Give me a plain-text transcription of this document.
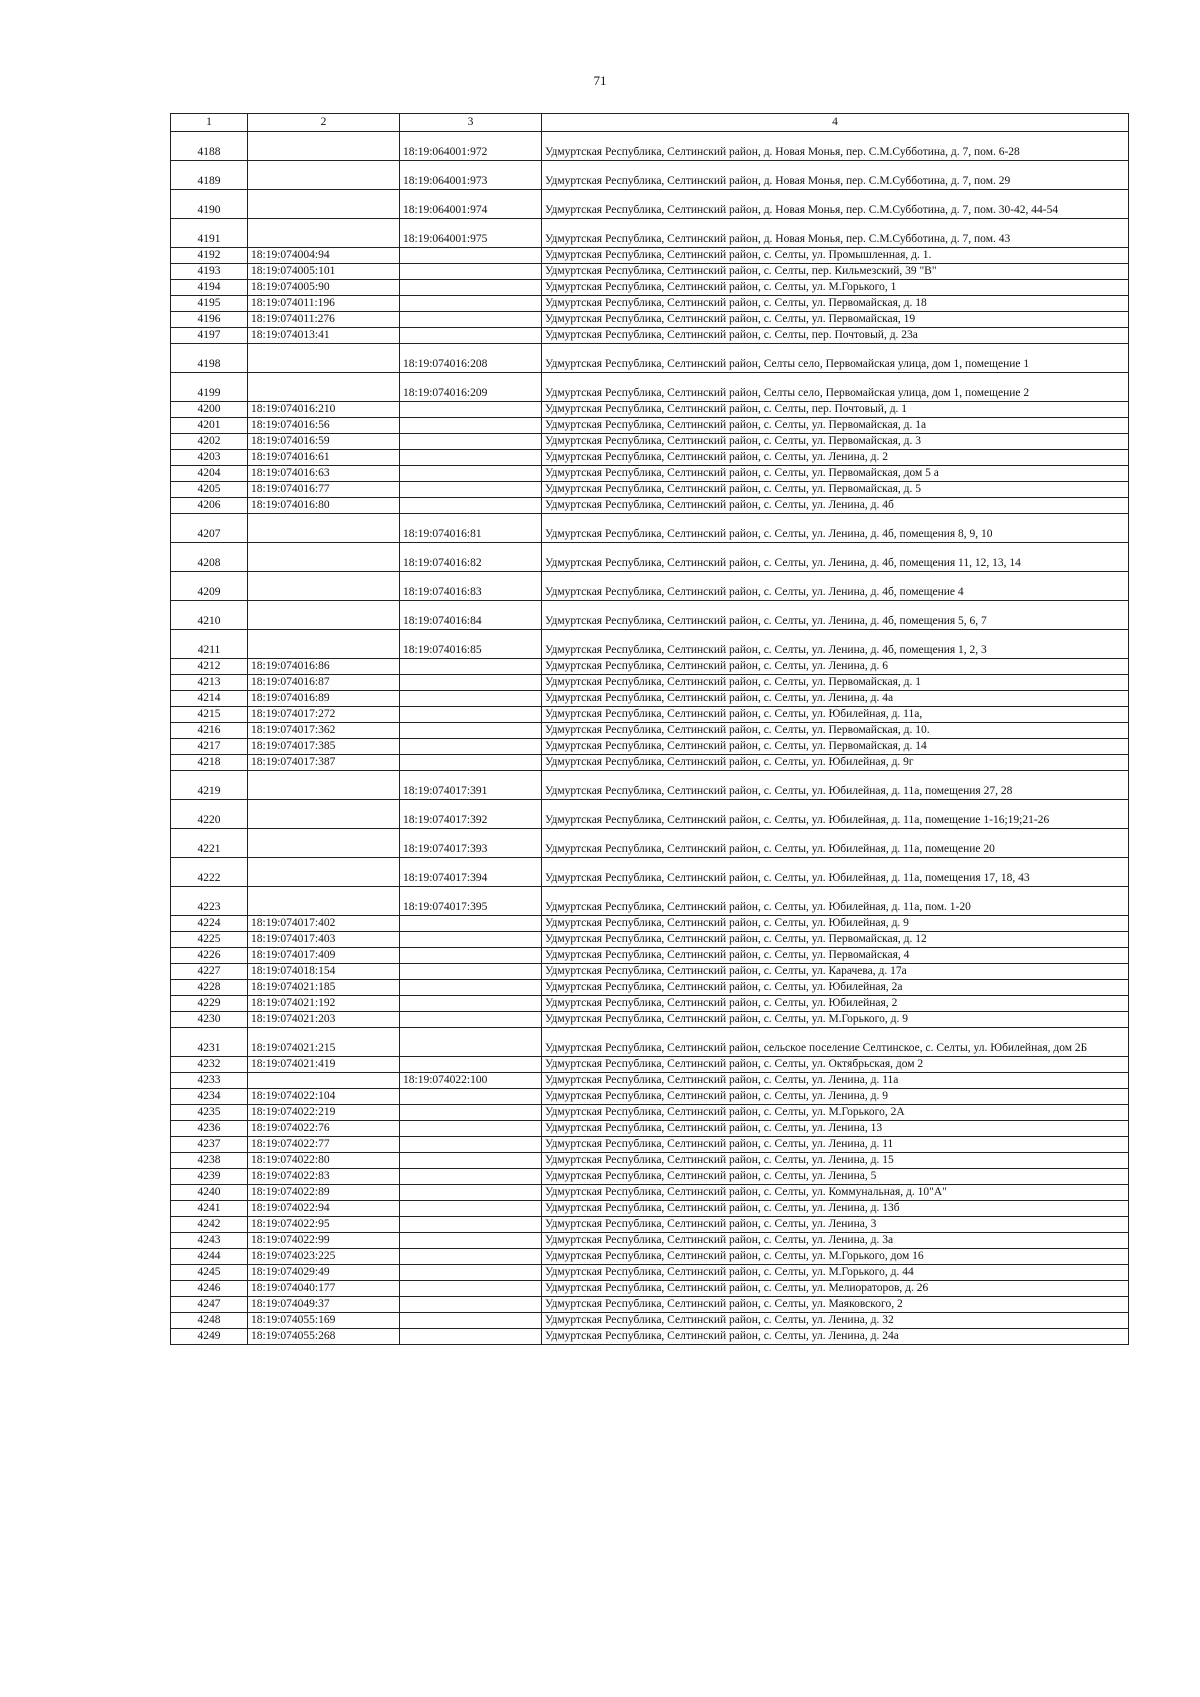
71
1	2	3	4
4188		18:19:064001:972	Удмуртская Республика, Селтинский район, д. Новая Монья, пер. С.М.Субботина, д. 7, пом. 6-28
4189		18:19:064001:973	Удмуртская Республика, Селтинский район, д. Новая Монья, пер. С.М.Субботина, д. 7, пом. 29
4190		18:19:064001:974	Удмуртская Республика, Селтинский район, д. Новая Монья, пер. С.М.Субботина, д. 7, пом. 30-42, 44-54
4191		18:19:064001:975	Удмуртская Республика, Селтинский район, д. Новая Монья, пер. С.М.Субботина, д. 7, пом. 43
4192	18:19:074004:94		Удмуртская Республика, Селтинский район, с. Селты, ул. Промышленная, д. 1.
4193	18:19:074005:101		Удмуртская Республика, Селтинский район, с. Селты, пер. Кильмезский, 39 "В"
4194	18:19:074005:90		Удмуртская Республика, Селтинский район, с. Селты, ул. М.Горького, 1
4195	18:19:074011:196		Удмуртская Республика, Селтинский район, с. Селты, ул. Первомайская, д. 18
4196	18:19:074011:276		Удмуртская Республика, Селтинский район, с. Селты, ул. Первомайская, 19
4197	18:19:074013:41		Удмуртская Республика, Селтинский район, с. Селты, пер. Почтовый, д. 23а
4198		18:19:074016:208	Удмуртская Республика, Селтинский район, Селты село, Первомайская улица, дом 1, помещение 1
4199		18:19:074016:209	Удмуртская Республика, Селтинский район, Селты село, Первомайская улица, дом 1, помещение 2
4200	18:19:074016:210		Удмуртская Республика, Селтинский район, с. Селты, пер. Почтовый, д. 1
4201	18:19:074016:56		Удмуртская Республика, Селтинский район, с. Селты, ул. Первомайская, д. 1а
4202	18:19:074016:59		Удмуртская Республика, Селтинский район, с. Селты, ул. Первомайская, д. 3
4203	18:19:074016:61		Удмуртская Республика, Селтинский район, с. Селты, ул. Ленина, д. 2
4204	18:19:074016:63		Удмуртская Республика, Селтинский район, с. Селты, ул. Первомайская, дом 5 а
4205	18:19:074016:77		Удмуртская Республика, Селтинский район, с. Селты, ул. Первомайская, д. 5
4206	18:19:074016:80		Удмуртская Республика, Селтинский район, с. Селты, ул. Ленина, д. 4б
4207		18:19:074016:81	Удмуртская Республика, Селтинский район, с. Селты, ул. Ленина, д. 4б, помещения 8, 9, 10
4208		18:19:074016:82	Удмуртская Республика, Селтинский район, с. Селты, ул. Ленина, д. 4б, помещения 11, 12, 13, 14
4209		18:19:074016:83	Удмуртская Республика, Селтинский район, с. Селты, ул. Ленина, д. 4б, помещение 4
4210		18:19:074016:84	Удмуртская Республика, Селтинский район, с. Селты, ул. Ленина, д. 4б, помещения 5, 6, 7
4211		18:19:074016:85	Удмуртская Республика, Селтинский район, с. Селты, ул. Ленина, д. 4б, помещения 1, 2, 3
4212	18:19:074016:86		Удмуртская Республика, Селтинский район, с. Селты, ул. Ленина, д. 6
4213	18:19:074016:87		Удмуртская Республика, Селтинский район, с. Селты, ул. Первомайская, д. 1
4214	18:19:074016:89		Удмуртская Республика, Селтинский район, с. Селты, ул. Ленина, д. 4а
4215	18:19:074017:272		Удмуртская Республика, Селтинский район, с. Селты, ул. Юбилейная, д. 11а,
4216	18:19:074017:362		Удмуртская Республика, Селтинский район, с. Селты, ул. Первомайская, д. 10.
4217	18:19:074017:385		Удмуртская Республика, Селтинский район, с. Селты, ул. Первомайская, д. 14
4218	18:19:074017:387		Удмуртская Республика, Селтинский район, с. Селты, ул. Юбилейная, д. 9г
4219		18:19:074017:391	Удмуртская Республика, Селтинский район, с. Селты, ул. Юбилейная, д. 11а, помещения 27, 28
4220		18:19:074017:392	Удмуртская Республика, Селтинский район, с. Селты, ул. Юбилейная, д. 11а, помещение 1-16;19;21-26
4221		18:19:074017:393	Удмуртская Республика, Селтинский район, с. Селты, ул. Юбилейная, д. 11а, помещение 20
4222		18:19:074017:394	Удмуртская Республика, Селтинский район, с. Селты, ул. Юбилейная, д. 11а, помещения 17, 18, 43
4223		18:19:074017:395	Удмуртская Республика, Селтинский район, с. Селты, ул. Юбилейная, д. 11а, пом. 1-20
4224	18:19:074017:402		Удмуртская Республика, Селтинский район, с. Селты, ул. Юбилейная, д. 9
4225	18:19:074017:403		Удмуртская Республика, Селтинский район, с. Селты, ул. Первомайская, д. 12
4226	18:19:074017:409		Удмуртская Республика, Селтинский район, с. Селты, ул. Первомайская, 4
4227	18:19:074018:154		Удмуртская Республика, Селтинский район, с. Селты, ул. Карачева, д. 17а
4228	18:19:074021:185		Удмуртская Республика, Селтинский район, с. Селты, ул. Юбилейная, 2а
4229	18:19:074021:192		Удмуртская Республика, Селтинский район, с. Селты, ул. Юбилейная, 2
4230	18:19:074021:203		Удмуртская Республика, Селтинский район, с. Селты, ул. М.Горького, д. 9
4231	18:19:074021:215		Удмуртская Республика, Селтинский район, сельское поселение Селтинское, с. Селты, ул. Юбилейная, дом 2Б
4232	18:19:074021:419		Удмуртская Республика, Селтинский район, с. Селты, ул. Октябрьская, дом 2
4233		18:19:074022:100	Удмуртская Республика, Селтинский район, с. Селты, ул. Ленина, д. 11а
4234	18:19:074022:104		Удмуртская Республика, Селтинский район, с. Селты, ул. Ленина, д. 9
4235	18:19:074022:219		Удмуртская Республика, Селтинский район, с. Селты, ул. М.Горького, 2А
4236	18:19:074022:76		Удмуртская Республика, Селтинский район, с. Селты, ул. Ленина, 13
4237	18:19:074022:77		Удмуртская Республика, Селтинский район, с. Селты, ул. Ленина, д. 11
4238	18:19:074022:80		Удмуртская Республика, Селтинский район, с. Селты, ул. Ленина, д. 15
4239	18:19:074022:83		Удмуртская Республика, Селтинский район, с. Селты, ул. Ленина, 5
4240	18:19:074022:89		Удмуртская Республика, Селтинский район, с. Селты, ул. Коммунальная, д. 10"А"
4241	18:19:074022:94		Удмуртская Республика, Селтинский район, с. Селты, ул. Ленина, д. 13б
4242	18:19:074022:95		Удмуртская Республика, Селтинский район, с. Селты, ул. Ленина, 3
4243	18:19:074022:99		Удмуртская Республика, Селтинский район, с. Селты, ул. Ленина, д. 3а
4244	18:19:074023:225		Удмуртская Республика, Селтинский район, с. Селты, ул. М.Горького, дом 16
4245	18:19:074029:49		Удмуртская Республика, Селтинский район, с. Селты, ул. М.Горького, д. 44
4246	18:19:074040:177		Удмуртская Республика, Селтинский район, с. Селты, ул. Мелиораторов, д. 26
4247	18:19:074049:37		Удмуртская Республика, Селтинский район, с. Селты, ул. Маяковского, 2
4248	18:19:074055:169		Удмуртская Республика, Селтинский район, с. Селты, ул. Ленина, д. 32
4249	18:19:074055:268		Удмуртская Республика, Селтинский район, с. Селты, ул. Ленина, д. 24а
